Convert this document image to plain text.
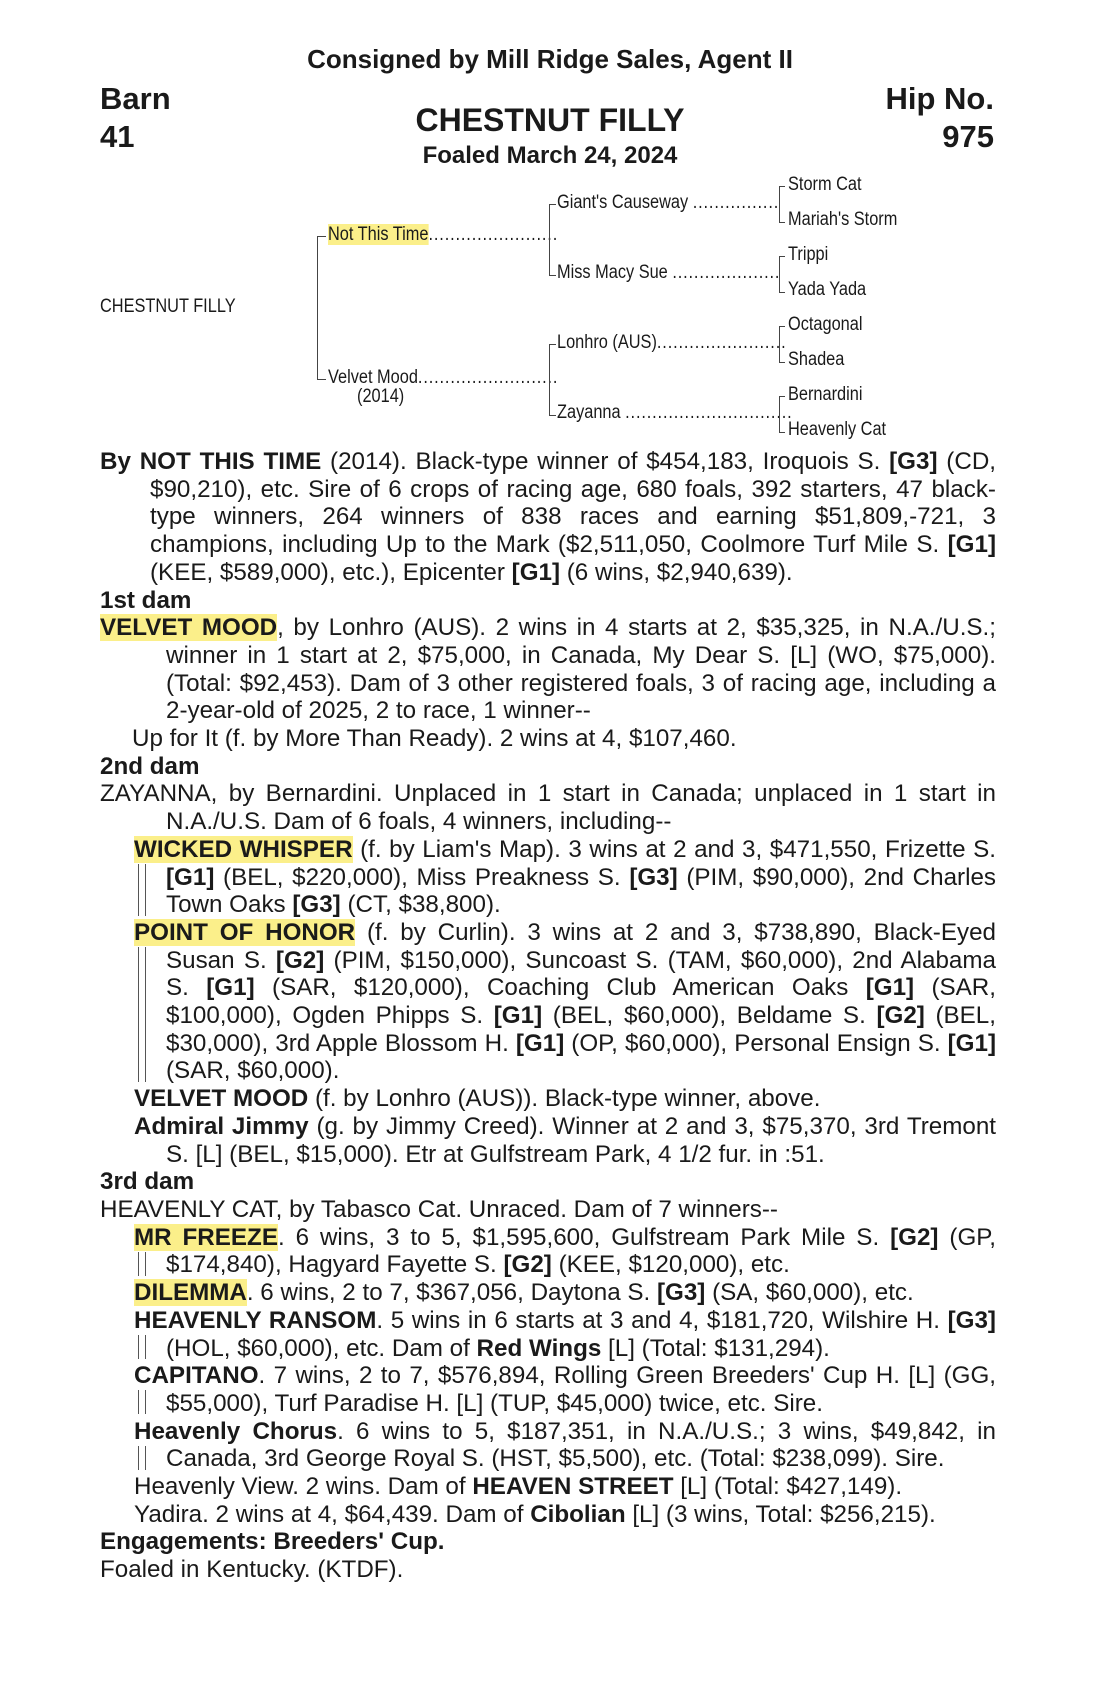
Consigned by Mill Ridge Sales, Agent II
Barn
41
Hip No.
975
CHESTNUT FILLY
Foaled March 24, 2024
CHESTNUT FILLY
Not This Time........................
Velvet Mood..........................
(2014)
Giant's Causeway ................
Miss Macy Sue ....................
Lonhro (AUS)........................
Zayanna ...............................
Storm Cat
Mariah's Storm
Trippi
Yada Yada
Octagonal
Shadea
Bernardini
Heavenly Cat

By NOT THIS TIME (2014). Black-type winner of $454,183, Iroquois S. [G3] (CD, $90,210), etc. Sire of 6 crops of racing age, 680 foals, 392 starters, 47 black-type winners, 264 winners of 838 races and earning $51,809,-721, 3 champions, including Up to the Mark ($2,511,050, Coolmore Turf Mile S. [G1] (KEE, $589,000), etc.), Epicenter [G1] (6 wins, $2,940,639).

1st dam

VELVET MOOD, by Lonhro (AUS). 2 wins in 4 starts at 2, $35,325, in N.A./U.S.; winner in 1 start at 2, $75,000, in Canada, My Dear S. [L] (WO, $75,000). (Total: $92,453). Dam of 3 other registered foals, 3 of racing age, including a 2-year-old of 2025, 2 to race, 1 winner--

Up for It (f. by More Than Ready). 2 wins at 4, $107,460.

2nd dam

ZAYANNA, by Bernardini. Unplaced in 1 start in Canada; unplaced in 1 start in N.A./U.S. Dam of 6 foals, 4 winners, including--

WICKED WHISPER (f. by Liam's Map). 3 wins at 2 and 3, $471,550, Frizette S. [G1] (BEL, $220,000), Miss Preakness S. [G3] (PIM, $90,000), 2nd Charles Town Oaks [G3] (CT, $38,800).

POINT OF HONOR (f. by Curlin). 3 wins at 2 and 3, $738,890, Black-Eyed Susan S. [G2] (PIM, $150,000), Suncoast S. (TAM, $60,000), 2nd Alabama S. [G1] (SAR, $120,000), Coaching Club American Oaks [G1] (SAR, $100,000), Ogden Phipps S. [G1] (BEL, $60,000), Beldame S. [G2] (BEL, $30,000), 3rd Apple Blossom H. [G1] (OP, $60,000), Personal Ensign S. [G1] (SAR, $60,000).

VELVET MOOD (f. by Lonhro (AUS)). Black-type winner, above.

Admiral Jimmy (g. by Jimmy Creed). Winner at 2 and 3, $75,370, 3rd Tremont S. [L] (BEL, $15,000). Etr at Gulfstream Park, 4 1/2 fur. in :51.

3rd dam

HEAVENLY CAT, by Tabasco Cat. Unraced. Dam of 7 winners--

MR FREEZE. 6 wins, 3 to 5, $1,595,600, Gulfstream Park Mile S. [G2] (GP, $174,840), Hagyard Fayette S. [G2] (KEE, $120,000), etc.

DILEMMA. 6 wins, 2 to 7, $367,056, Daytona S. [G3] (SA, $60,000), etc.

HEAVENLY RANSOM. 5 wins in 6 starts at 3 and 4, $181,720, Wilshire H. [G3] (HOL, $60,000), etc. Dam of Red Wings [L] (Total: $131,294).

CAPITANO. 7 wins, 2 to 7, $576,894, Rolling Green Breeders' Cup H. [L] (GG, $55,000), Turf Paradise H. [L] (TUP, $45,000) twice, etc. Sire.

Heavenly Chorus. 6 wins to 5, $187,351, in N.A./U.S.; 3 wins, $49,842, in Canada, 3rd George Royal S. (HST, $5,500), etc. (Total: $238,099). Sire.

Heavenly View. 2 wins. Dam of HEAVEN STREET [L] (Total: $427,149).

Yadira. 2 wins at 4, $64,439. Dam of Cibolian [L] (3 wins, Total: $256,215).

Engagements: Breeders' Cup.

Foaled in Kentucky. (KTDF).
